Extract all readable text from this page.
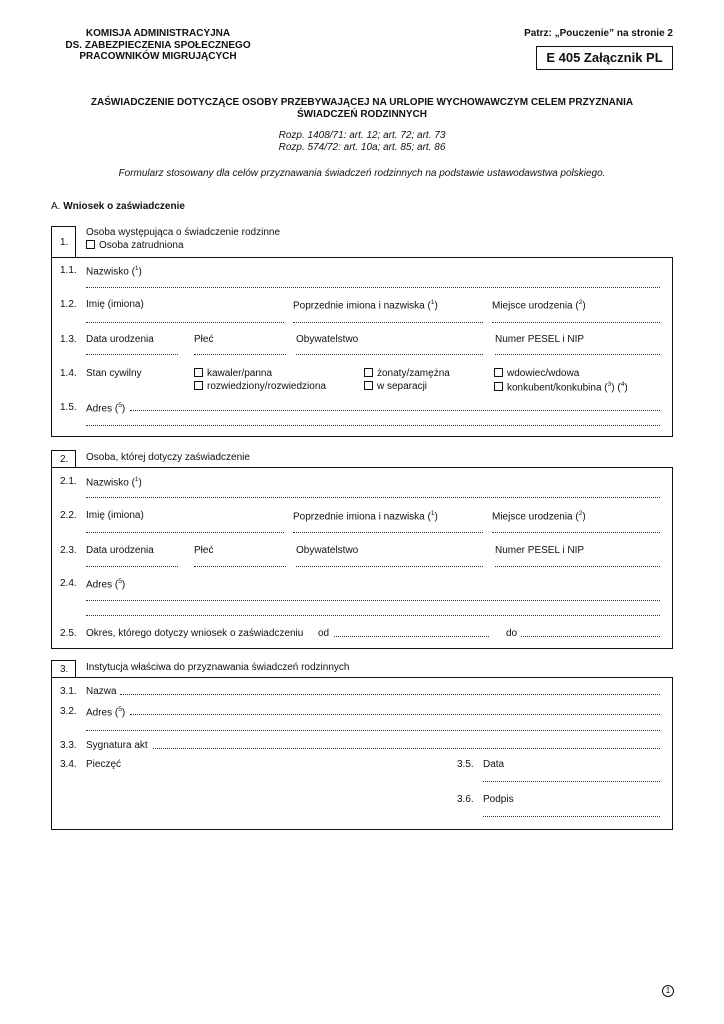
KOMISJA ADMINISTRACYJNA
DS. ZABEZPIECZENIA SPOŁECZNEGO
PRACOWNIKÓW MIGRUJĄCYCH
Patrz: „Pouczenie” na stronie 2
E 405 Załącznik PL
ZAŚWIADCZENIE DOTYCZĄCE OSOBY PRZEBYWAJĄCEJ NA URLOPIE WYCHOWAWCZYM CELEM PRZYZNANIA
ŚWIADCZEŃ RODZINNYCH
Rozp. 1408/71: art. 12; art. 72; art. 73
Rozp. 574/72: art. 10a; art. 85; art. 86
Formularz stosowany dla celów przyznawania świadczeń rodzinnych na podstawie ustawodawstwa polskiego.
A. Wniosek o zaświadczenie
1.
Osoba występująca o świadczenie rodzinne
Osoba zatrudniona
1.1. Nazwisko ($^1$)
1.2. Imię (imiona)	Poprzednie imiona i nazwiska ($^1$)	Miejsce urodzenia ($^2$)
1.3. Data urodzenia	Płeć	Obywatelstwo	Numer PESEL i NIP
1.4. Stan cywilny	kawaler/panna	żonaty/zamężna	wdowiec/wdowa
rozwiedziony/rozwiedziona	w separacji	konkubent/konkubina ($^3$) ($^4$)
1.5. Adres ($^5$)
2. Osoba, której dotyczy zaświadczenie
2.1. Nazwisko ($^1$)
2.2. Imię (imiona)	Poprzednie imiona i nazwiska ($^1$)	Miejsce urodzenia ($^2$)
2.3. Data urodzenia	Płeć	Obywatelstwo	Numer PESEL i NIP
2.4. Adres ($^5$)
2.5. Okres, którego dotyczy wniosek o zaświadczeniu od	do
3. Instytucja właściwa do przyznawania świadczeń rodzinnych
3.1. Nazwa
3.2. Adres ($^5$)
3.3. Sygnatura akt
3.4. Pieczęć	3.5. Data
3.6. Podpis
1
